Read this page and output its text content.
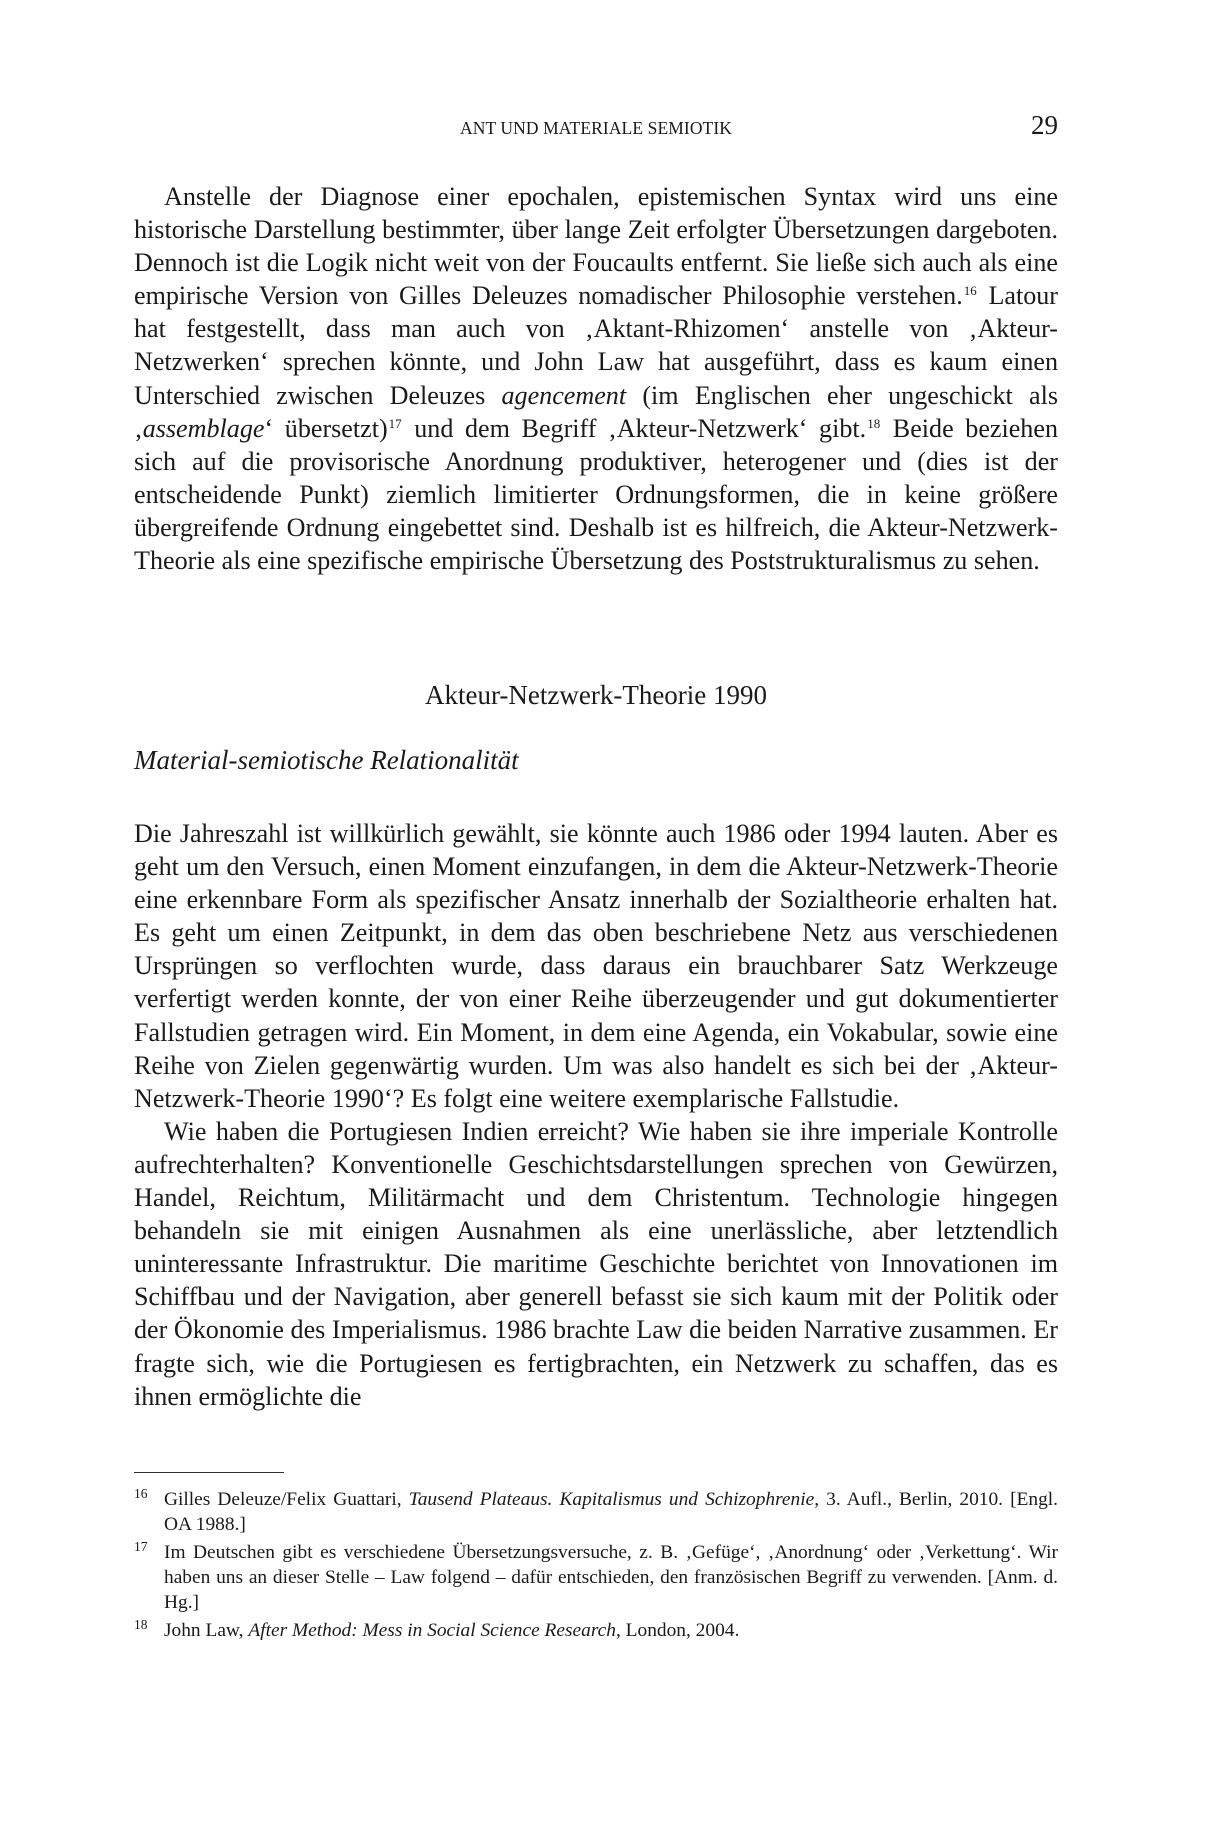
ANT UND MATERIALE SEMIOTIK	29

Anstelle der Diagnose einer epochalen, epistemischen Syntax wird uns eine historische Darstellung bestimmter, über lange Zeit erfolgter Übersetzungen dargeboten. Dennoch ist die Logik nicht weit von der Foucaults entfernt. Sie ließe sich auch als eine empirische Version von Gilles Deleuzes nomadischer Philosophie verstehen.$^{16}$ Latour hat festgestellt, dass man auch von ‚Aktant-Rhizomen‘ anstelle von ‚Akteur-Netzwerken‘ sprechen könnte, und John Law hat ausgeführt, dass es kaum einen Unterschied zwischen Deleuzes agencement (im Englischen eher ungeschickt als ‚assemblage‘ übersetzt)$^{17}$ und dem Begriff ‚Akteur-Netzwerk‘ gibt.$^{18}$ Beide beziehen sich auf die provisorische Anordnung produktiver, heterogener und (dies ist der entscheidende Punkt) ziemlich limitierter Ordnungsformen, die in keine größere übergreifende Ordnung eingebettet sind. Deshalb ist es hilfreich, die Akteur-Netzwerk-Theorie als eine spezifische empirische Übersetzung des Poststrukturalismus zu sehen.

Akteur-Netzwerk-Theorie 1990
Material-semiotische Relationalität

Die Jahreszahl ist willkürlich gewählt, sie könnte auch 1986 oder 1994 lauten. Aber es geht um den Versuch, einen Moment einzufangen, in dem die Akteur-Netzwerk-Theorie eine erkennbare Form als spezifischer Ansatz innerhalb der Sozialtheorie erhalten hat. Es geht um einen Zeitpunkt, in dem das oben beschriebene Netz aus verschiedenen Ursprüngen so verflochten wurde, dass daraus ein brauchbarer Satz Werkzeuge verfertigt werden konnte, der von einer Reihe überzeugender und gut dokumentierter Fallstudien getragen wird. Ein Moment, in dem eine Agenda, ein Vokabular, sowie eine Reihe von Zielen gegenwärtig wurden. Um was also handelt es sich bei der ‚Akteur-Netzwerk-Theorie 1990‘? Es folgt eine weitere exemplarische Fallstudie.

Wie haben die Portugiesen Indien erreicht? Wie haben sie ihre imperiale Kontrolle aufrechterhalten? Konventionelle Geschichtsdarstellungen sprechen von Gewürzen, Handel, Reichtum, Militärmacht und dem Christentum. Technologie hingegen behandeln sie mit einigen Ausnahmen als eine unerlässliche, aber letztendlich uninteressante Infrastruktur. Die maritime Geschichte berichtet von Innovationen im Schiffbau und der Navigation, aber generell befasst sie sich kaum mit der Politik oder der Ökonomie des Imperialismus. 1986 brachte Law die beiden Narrative zusammen. Er fragte sich, wie die Portugiesen es fertigbrachten, ein Netzwerk zu schaffen, das es ihnen ermöglichte die

16 Gilles Deleuze/Felix Guattari, Tausend Plateaus. Kapitalismus und Schizophrenie, 3. Aufl., Berlin, 2010. [Engl. OA 1988.]

17 Im Deutschen gibt es verschiedene Übersetzungsversuche, z. B. ‚Gefüge‘, ‚Anordnung‘ oder ‚Verkettung‘. Wir haben uns an dieser Stelle – Law folgend – dafür entschieden, den französischen Begriff zu verwenden. [Anm. d. Hg.]

18 John Law, After Method: Mess in Social Science Research, London, 2004.
